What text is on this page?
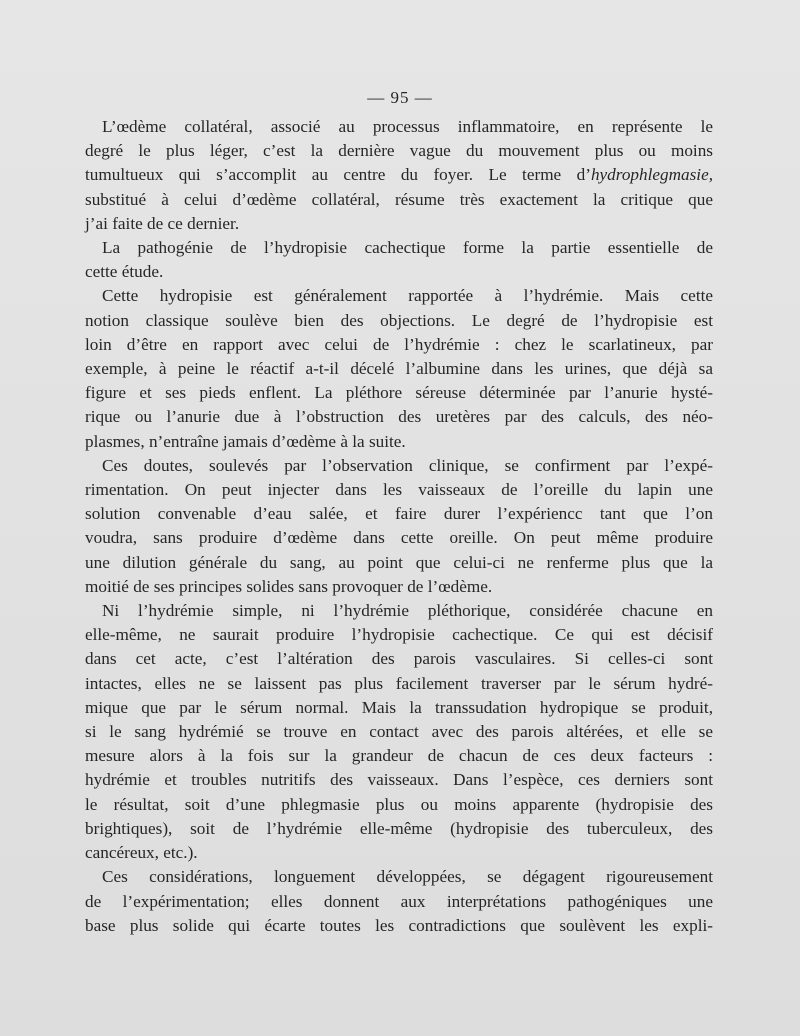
— 95 —
L’œdème collatéral, associé au processus inflammatoire, en représente le
degré le plus léger, c’est la dernière vague du mouvement plus ou moins
tumultueux qui s’accomplit au centre du foyer. Le terme d’hydrophlegmasie,
substitué à celui d’œdème collatéral, résume très exactement la critique que
j’ai faite de ce dernier.
La pathogénie de l’hydropisie cachectique forme la partie essentielle de
cette étude.
Cette hydropisie est généralement rapportée à l’hydrémie. Mais cette
notion classique soulève bien des objections. Le degré de l’hydropisie est
loin d’être en rapport avec celui de l’hydrémie : chez le scarlatineux, par
exemple, à peine le réactif a-t-il décelé l’albumine dans les urines, que déjà sa
figure et ses pieds enflent. La pléthore séreuse déterminée par l’anurie hysté-
rique ou l’anurie due à l’obstruction des uretères par des calculs, des néo-
plasmes, n’entraîne jamais d’œdème à la suite.
Ces doutes, soulevés par l’observation clinique, se confirment par l’expé-
rimentation. On peut injecter dans les vaisseaux de l’oreille du lapin une
solution convenable d’eau salée, et faire durer l’expériencc tant que l’on
voudra, sans produire d’œdème dans cette oreille. On peut même produire
une dilution générale du sang, au point que celui-ci ne renferme plus que la
moitié de ses principes solides sans provoquer de l’œdème.
Ni l’hydrémie simple, ni l’hydrémie pléthorique, considérée chacune en
elle-même, ne saurait produire l’hydropisie cachectique. Ce qui est décisif
dans cet acte, c’est l’altération des parois vasculaires. Si celles-ci sont
intactes, elles ne se laissent pas plus facilement traverser par le sérum hydré-
mique que par le sérum normal. Mais la transsudation hydropique se produit,
si le sang hydrémié se trouve en contact avec des parois altérées, et elle se
mesure alors à la fois sur la grandeur de chacun de ces deux facteurs :
hydrémie et troubles nutritifs des vaisseaux. Dans l’espèce, ces derniers sont
le résultat, soit d’une phlegmasie plus ou moins apparente (hydropisie des
brightiques), soit de l’hydrémie elle-même (hydropisie des tuberculeux, des
cancéreux, etc.).
Ces considérations, longuement développées, se dégagent rigoureusement
de l’expérimentation; elles donnent aux interprétations pathogéniques une
base plus solide qui écarte toutes les contradictions que soulèvent les expli-
